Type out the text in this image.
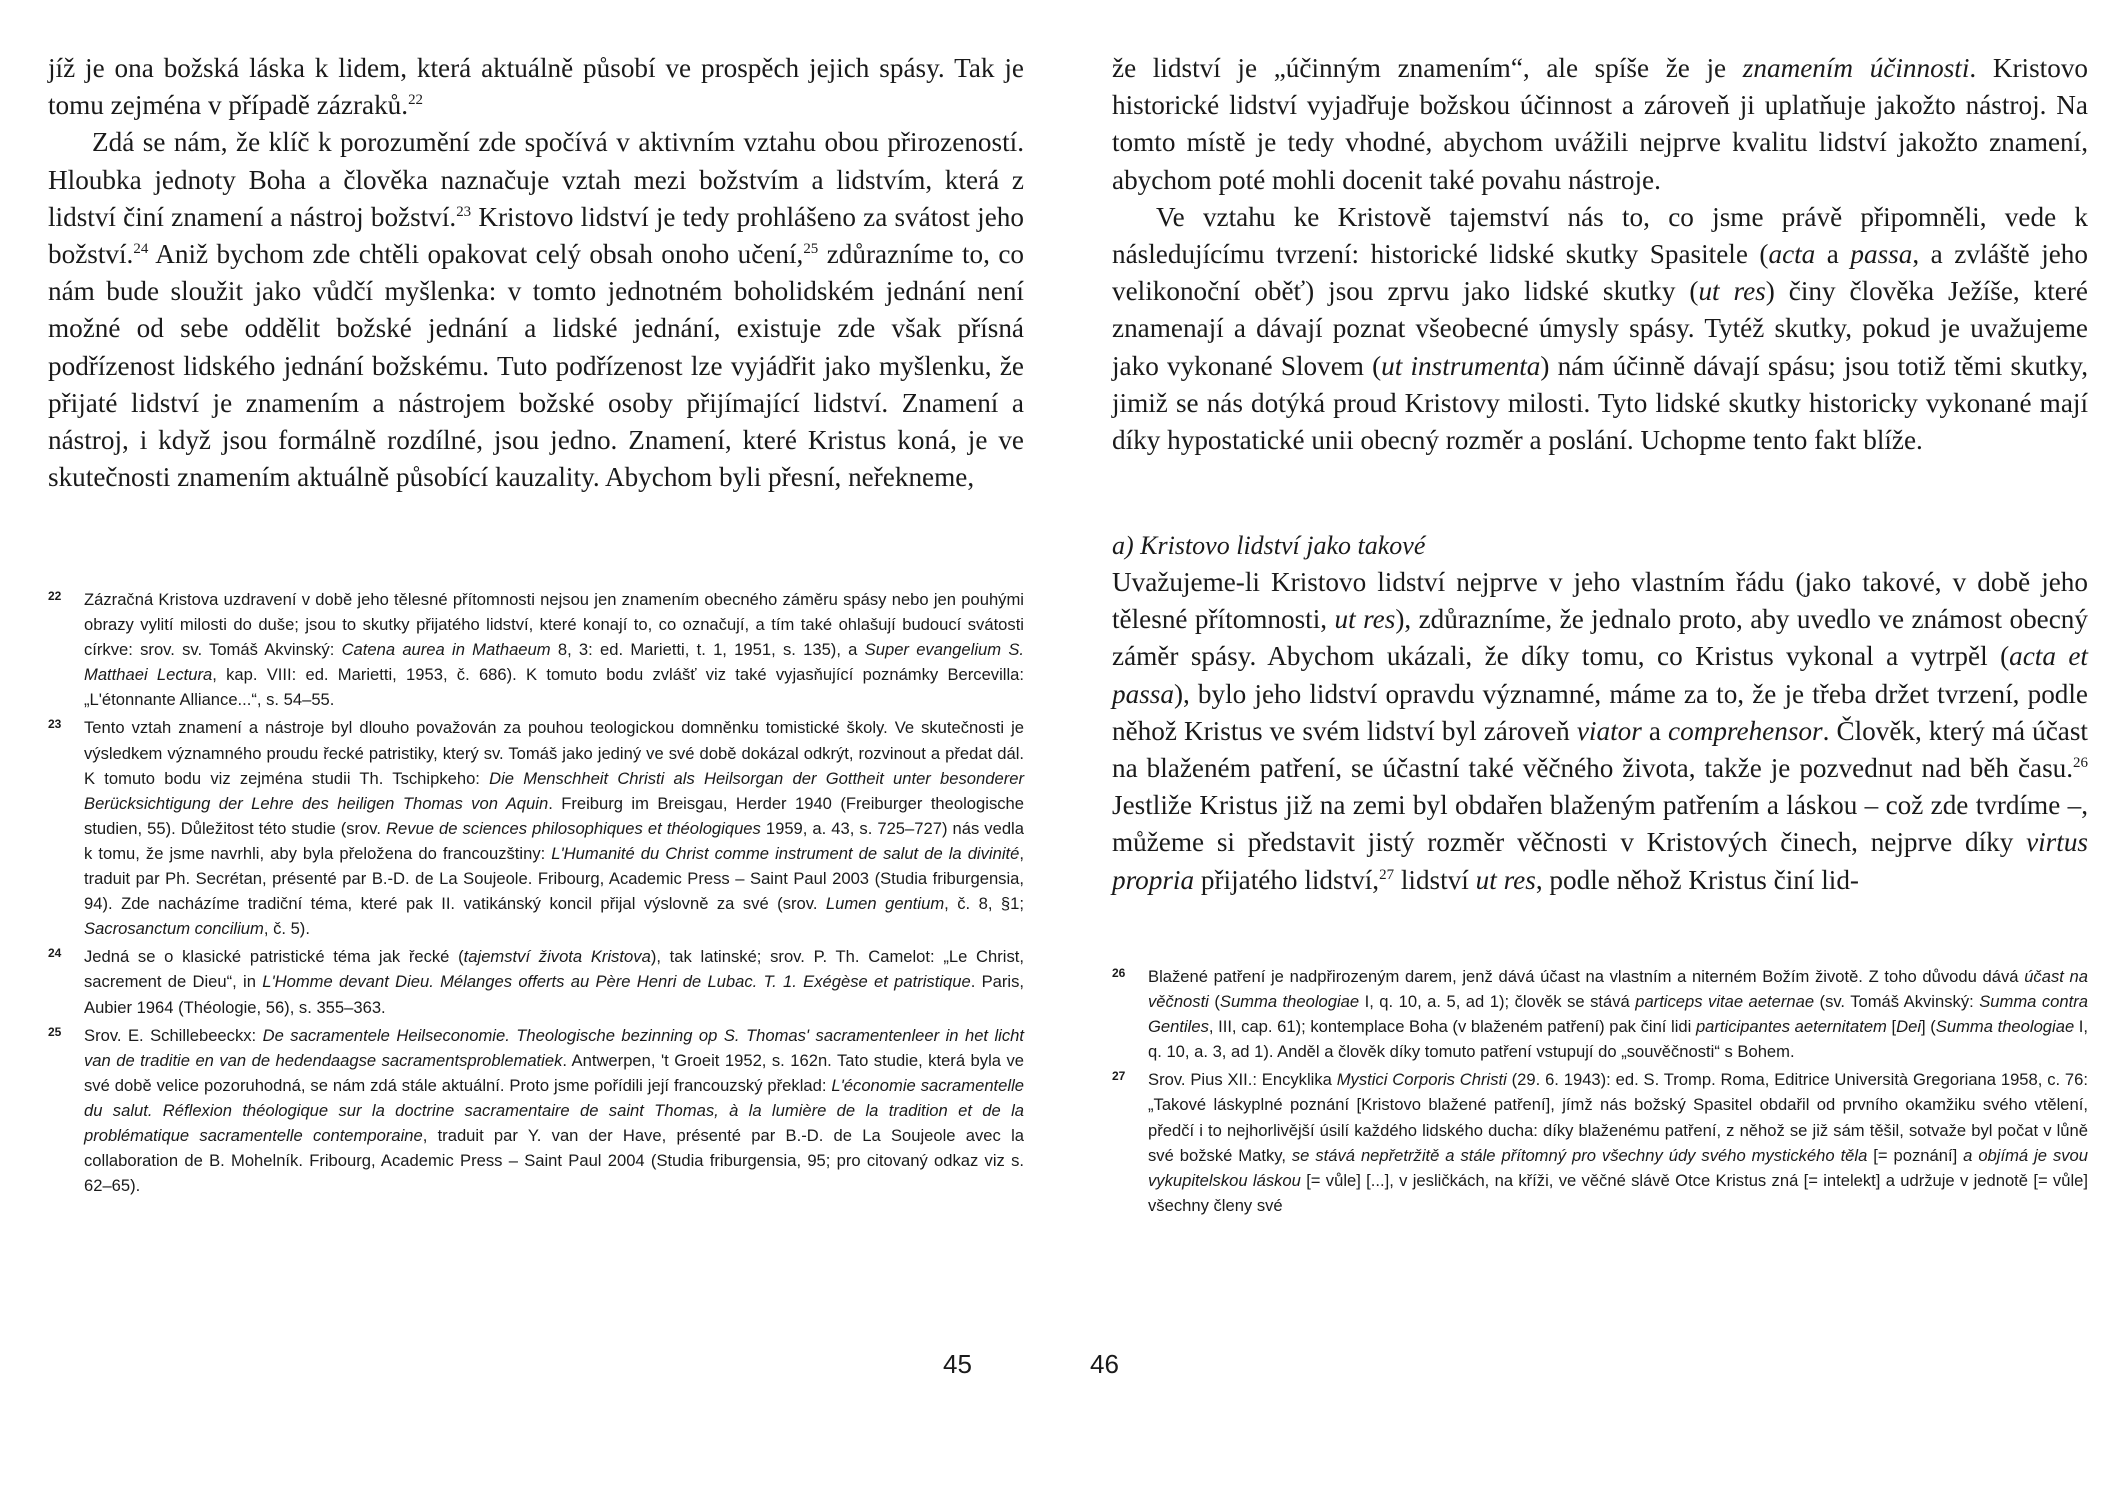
jíž je ona božská láska k lidem, která aktuálně působí ve prospěch jejich spásy. Tak je tomu zejména v případě zázraků.$^{22}$

Zdá se nám, že klíč k porozumění zde spočívá v aktivním vztahu obou přirozeností. Hloubka jednoty Boha a člověka naznačuje vztah mezi božstvím a lidstvím, která z lidství činí znamení a nástroj božství.$^{23}$ Kristovo lidství je tedy prohlášeno za svátost jeho božství.$^{24}$ Aniž bychom zde chtěli opakovat celý obsah onoho učení,$^{25}$ zdůrazníme to, co nám bude sloužit jako vůdčí myšlenka: v tomto jednotném boholidském jednání není možné od sebe oddělit božské jednání a lidské jednání, existuje zde však přísná podřízenost lidského jednání božskému. Tuto podřízenost lze vyjádřit jako myšlenku, že přijaté lidství je znamením a nástrojem božské osoby přijímající lidství. Znamení a nástroj, i když jsou formálně rozdílné, jsou jedno. Znamení, které Kristus koná, je ve skutečnosti znamením aktuálně působící kauzality. Abychom byli přesní, neřekneme,

22 Zázračná Kristova uzdravení v době jeho tělesné přítomnosti nejsou jen znamením obecného záměru spásy nebo jen pouhými obrazy vylití milosti do duše; jsou to skutky přijatého lidství, které konají to, co označují, a tím také ohlašují budoucí svátosti církve: srov. sv. Tomáš Akvinský: Catena aurea in Mathaeum 8, 3: ed. Marietti, t. 1, 1951, s. 135), a Super evangelium S. Matthaei Lectura, kap. VIII: ed. Marietti, 1953, č. 686). K tomuto bodu zvlášť viz také vyjasňující poznámky Bercevilla: „L'étonnante Alliance...“, s. 54–55.
23 Tento vztah znamení a nástroje byl dlouho považován za pouhou teologickou domněnku tomistické školy. Ve skutečnosti je výsledkem významného proudu řecké patristiky, který sv. Tomáš jako jediný ve své době dokázal odkrýt, rozvinout a předat dál. K tomuto bodu viz zejména studii Th. Tschipkeho: Die Menschheit Christi als Heilsorgan der Gottheit unter besonderer Berücksichtigung der Lehre des heiligen Thomas von Aquin. Freiburg im Breisgau, Herder 1940 (Freiburger theologische studien, 55). Důležitost této studie (srov. Revue de sciences philosophiques et théologiques 1959, a. 43, s. 725–727) nás vedla k tomu, že jsme navrhli, aby byla přeložena do francouzštiny: L'Humanité du Christ comme instrument de salut de la divinité, traduit par Ph. Secrétan, présenté par B.-D. de La Soujeole. Fribourg, Academic Press – Saint Paul 2003 (Studia friburgensia, 94). Zde nacházíme tradiční téma, které pak II. vatikánský koncil přijal výslovně za své (srov. Lumen gentium, č. 8, §1; Sacrosanctum concilium, č. 5).
24 Jedná se o klasické patristické téma jak řecké (tajemství života Kristova), tak latinské; srov. P. Th. Camelot: „Le Christ, sacrement de Dieu“, in L'Homme devant Dieu. Mélanges offerts au Père Henri de Lubac. T. 1. Exégèse et patristique. Paris, Aubier 1964 (Théologie, 56), s. 355–363.
25 Srov. E. Schillebeeckx: De sacramentele Heilseconomie. Theologische bezinning op S. Thomas' sacramentenleer in het licht van de traditie en van de hedendaagse sacramentsproblematiek. Antwerpen, 't Groeit 1952, s. 162n. Tato studie, která byla ve své době velice pozoruhodná, se nám zdá stále aktuální. Proto jsme pořídili její francouzský překlad: L'économie sacramentelle du salut. Réflexion théologique sur la doctrine sacramentaire de saint Thomas, à la lumière de la tradition et de la problématique sacramentelle contemporaine, traduit par Y. van der Have, présenté par B.-D. de La Soujeole avec la collaboration de B. Mohelník. Fribourg, Academic Press – Saint Paul 2004 (Studia friburgensia, 95; pro citovaný odkaz viz s. 62–65).

že lidství je „účinným znamením“, ale spíše že je znamením účinnosti. Kristovo historické lidství vyjadřuje božskou účinnost a zároveň ji uplatňuje jakožto nástroj. Na tomto místě je tedy vhodné, abychom uvážili nejprve kvalitu lidství jakožto znamení, abychom poté mohli docenit také povahu nástroje.

Ve vztahu ke Kristově tajemství nás to, co jsme právě připomněli, vede k následujícímu tvrzení: historické lidské skutky Spasitele (acta a passa, a zvláště jeho velikonoční oběť) jsou zprvu jako lidské skutky (ut res) činy člověka Ježíše, které znamenají a dávají poznat všeobecné úmysly spásy. Tytéž skutky, pokud je uvažujeme jako vykonané Slovem (ut instrumenta) nám účinně dávají spásu; jsou totiž těmi skutky, jimiž se nás dotýká proud Kristovy milosti. Tyto lidské skutky historicky vykonané mají díky hypostatické unii obecný rozměr a poslání. Uchopme tento fakt blíže.

a) Kristovo lidství jako takové

Uvažujeme-li Kristovo lidství nejprve v jeho vlastním řádu (jako takové, v době jeho tělesné přítomnosti, ut res), zdůrazníme, že jednalo proto, aby uvedlo ve známost obecný záměr spásy. Abychom ukázali, že díky tomu, co Kristus vykonal a vytrpěl (acta et passa), bylo jeho lidství opravdu významné, máme za to, že je třeba držet tvrzení, podle něhož Kristus ve svém lidství byl zároveň viator a comprehensor. Člověk, který má účast na blaženém patření, se účastní také věčného života, takže je pozvednut nad běh času.$^{26}$ Jestliže Kristus již na zemi byl obdařen blaženým patřením a láskou – což zde tvrdíme –, můžeme si představit jistý rozměr věčnosti v Kristových činech, nejprve díky virtus propria přijatého lidství,$^{27}$ lidství ut res, podle něhož Kristus činí lid-

26 Blažené patření je nadpřirozeným darem, jenž dává účast na vlastním a niterném Božím životě. Z toho důvodu dává účast na věčnosti (Summa theologiae I, q. 10, a. 5, ad 1); člověk se stává particeps vitae aeternae (sv. Tomáš Akvinský: Summa contra Gentiles, III, cap. 61); kontemplace Boha (v blaženém patření) pak činí lidi participantes aeternitatem [Dei] (Summa theologiae I, q. 10, a. 3, ad 1). Anděl a člověk díky tomuto patření vstupují do „souvěčnosti“ s Bohem.
27 Srov. Pius XII.: Encyklika Mystici Corporis Christi (29. 6. 1943): ed. S. Tromp. Roma, Editrice Università Gregoriana 1958, c. 76: „Takové láskyplné poznání [Kristovo blažené patření], jímž nás božský Spasitel obdařil od prvního okamžiku svého vtělení, předčí i to nejhorlivější úsilí každého lidského ducha: díky blaženému patření, z něhož se již sám těšil, sotvaže byl počat v lůně své božské Matky, se stává nepřetržitě a stále přítomný pro všechny údy svého mystického těla [= poznání] a objímá je svou vykupitelskou láskou [= vůle] [...], v jesličkách, na kříži, ve věčné slávě Otce Kristus zná [= intelekt] a udržuje v jednotě [= vůle] všechny členy své
45	46
